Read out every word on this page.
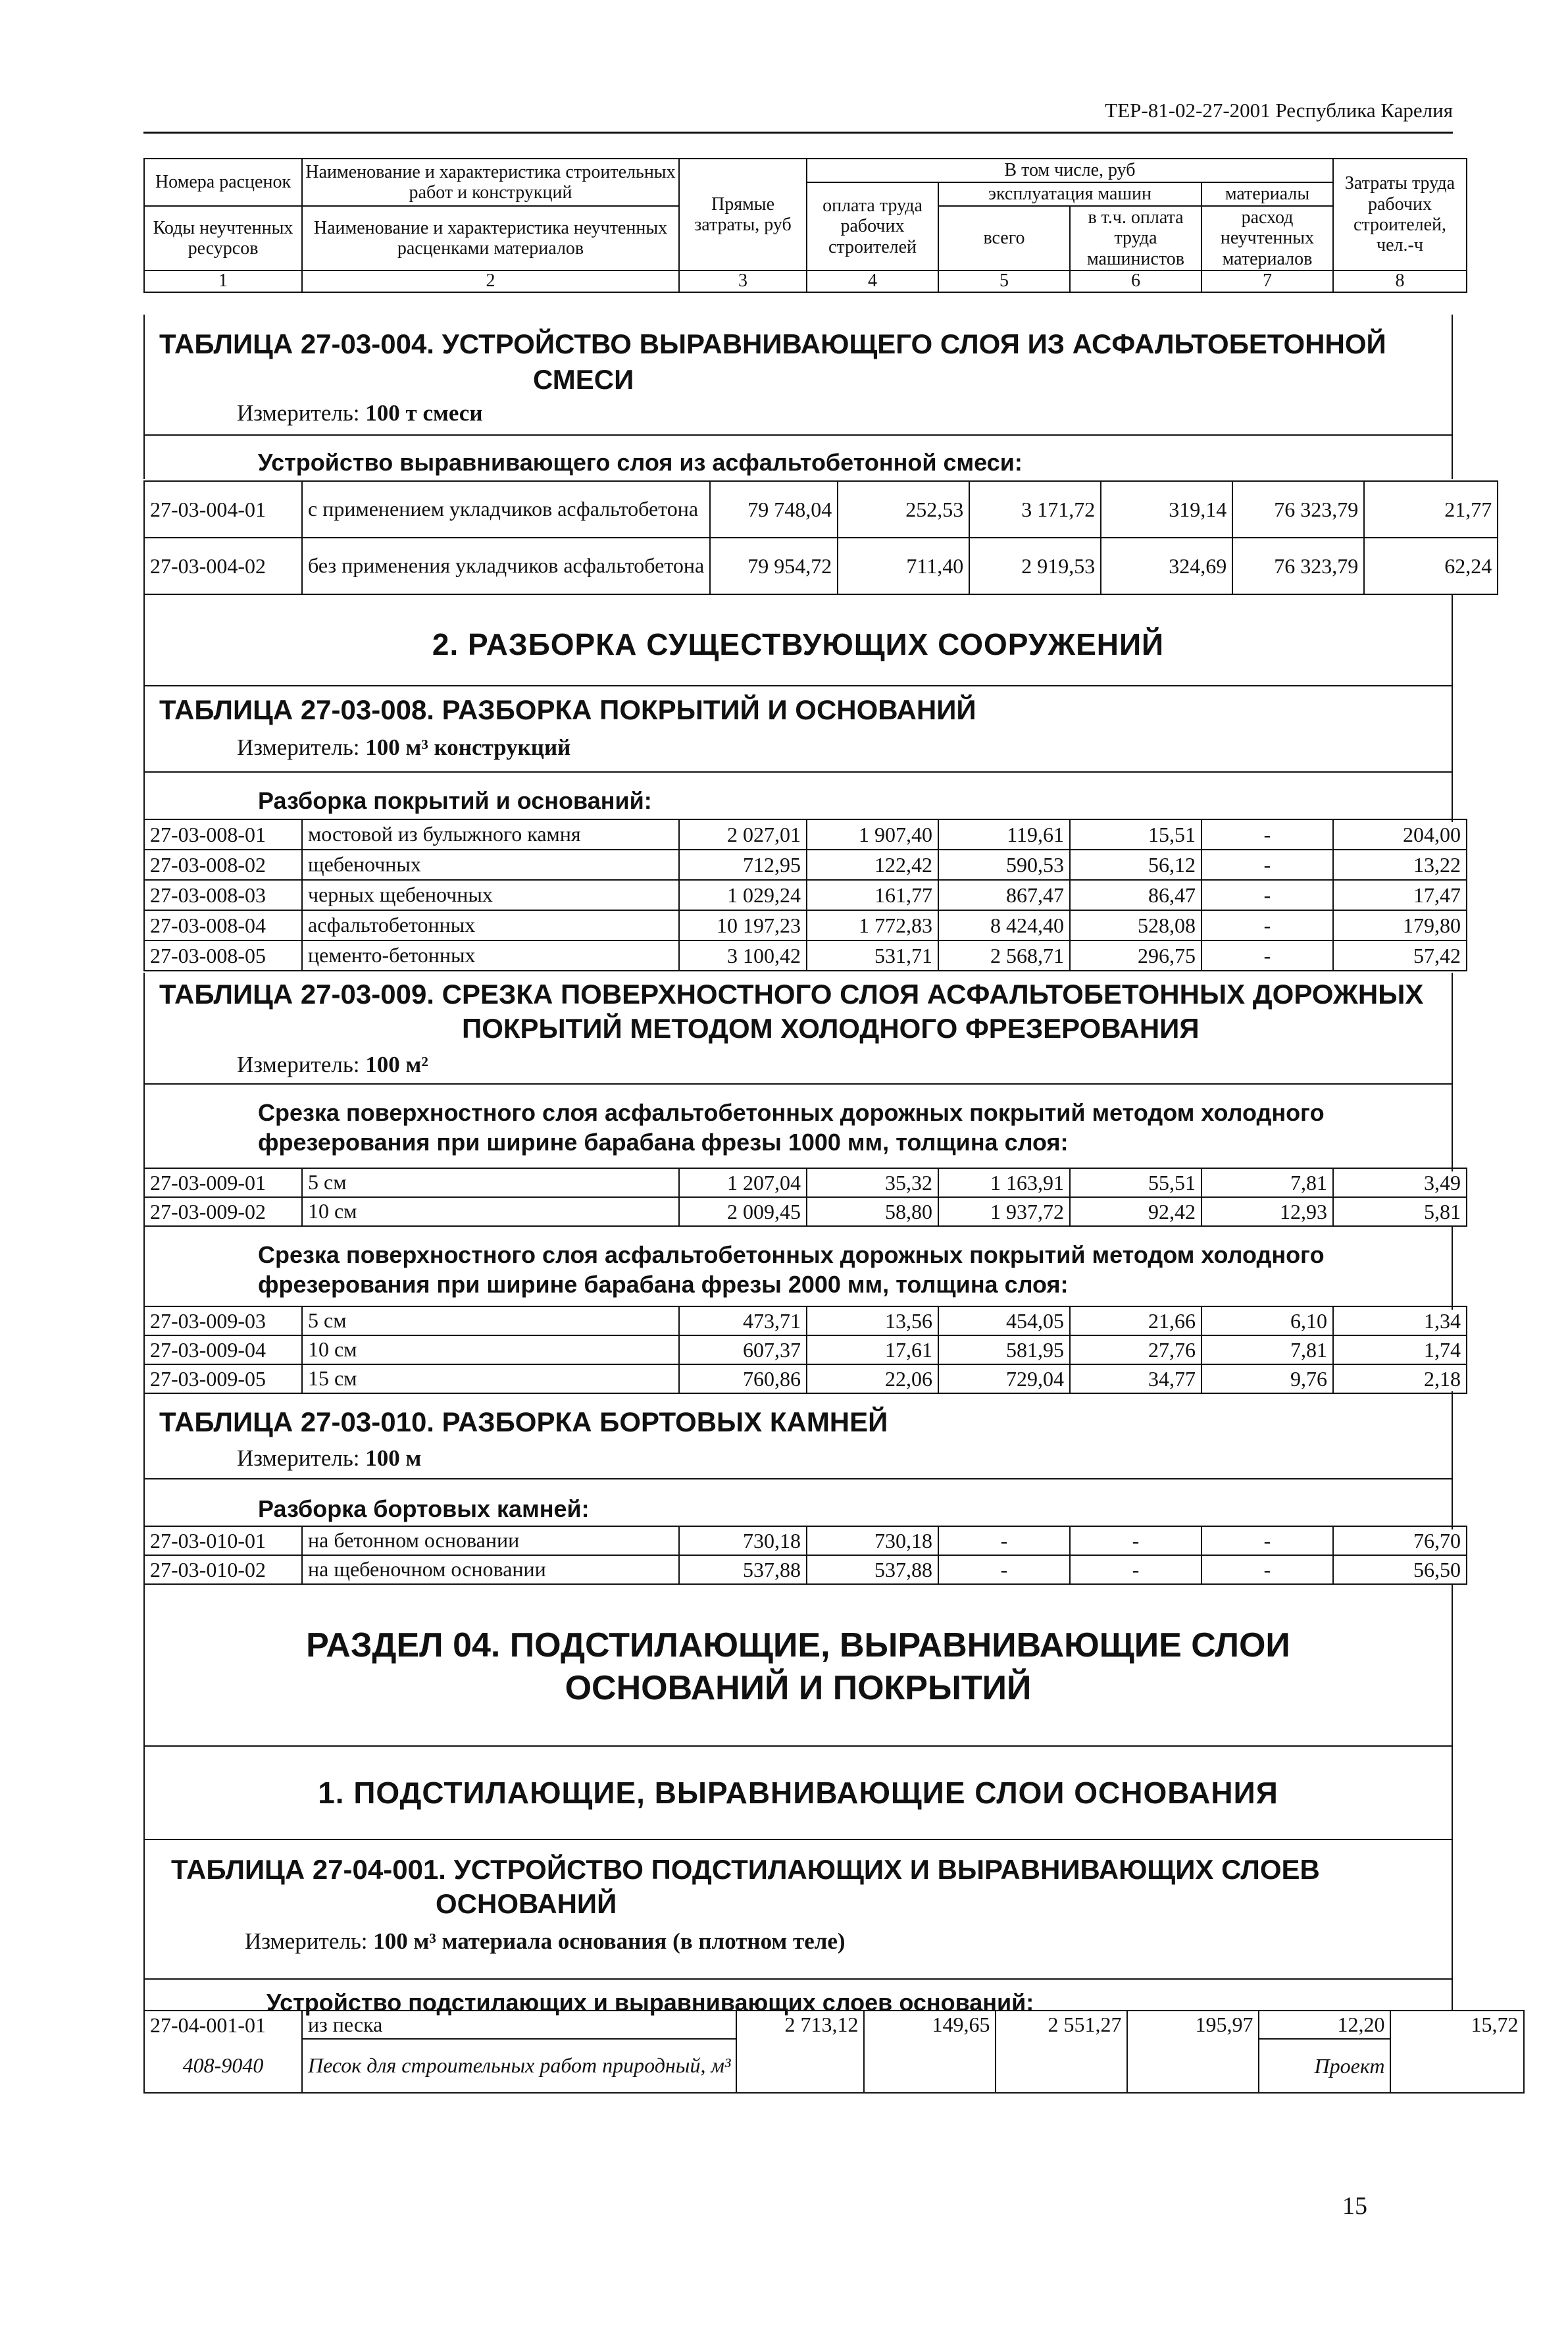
ТЕР-81-02-27-2001 Республика Карелия
Номера расценок	Наименование и характеристика строительных работ и конструкций	Прямые затраты, руб	В том числе, руб				Затраты труда рабочих строителей, чел.-ч
			оплата труда рабочих строителей	эксплуатация машин		материалы	
Коды неучтенных ресурсов	Наименование и характеристика неучтенных расценками материалов			всего	в т.ч. оплата труда машинистов	расход неучтенных материалов	

1	2	3	4	5	6	7	8
ТАБЛИЦА 27-03-004. УСТРОЙСТВО ВЫРАВНИВАЮЩЕГО СЛОЯ ИЗ АСФАЛЬТОБЕТОННОЙ
СМЕСИ
Измеритель: 100 т смеси
Устройство выравнивающего слоя из асфальтобетонной смеси:
27-03-004-01	с применением укладчиков асфальтобетона	79 748,04	252,53	3 171,72	319,14	76 323,79	21,77
27-03-004-02	без применения укладчиков асфальтобетона	79 954,72	711,40	2 919,53	324,69	76 323,79	62,24
2. РАЗБОРКА СУЩЕСТВУЮЩИХ СООРУЖЕНИЙ
ТАБЛИЦА 27-03-008. РАЗБОРКА ПОКРЫТИЙ И ОСНОВАНИЙ
Измеритель: 100 м³ конструкций
Разборка покрытий и оснований:
27-03-008-01	мостовой из булыжного камня	2 027,01	1 907,40	119,61	15,51	-	204,00
27-03-008-02	щебеночных	712,95	122,42	590,53	56,12	-	13,22
27-03-008-03	черных щебеночных	1 029,24	161,77	867,47	86,47	-	17,47
27-03-008-04	асфальтобетонных	10 197,23	1 772,83	8 424,40	528,08	-	179,80
27-03-008-05	цементо-бетонных	3 100,42	531,71	2 568,71	296,75	-	57,42
ТАБЛИЦА 27-03-009. СРЕЗКА ПОВЕРХНОСТНОГО СЛОЯ АСФАЛЬТОБЕТОННЫХ ДОРОЖНЫХ
ПОКРЫТИЙ МЕТОДОМ ХОЛОДНОГО ФРЕЗЕРОВАНИЯ
Измеритель: 100 м²
Срезка поверхностного слоя асфальтобетонных дорожных покрытий методом холодного
фрезерования при ширине барабана фрезы 1000 мм, толщина слоя:
27-03-009-01	5 см	1 207,04	35,32	1 163,91	55,51	7,81	3,49
27-03-009-02	10 см	2 009,45	58,80	1 937,72	92,42	12,93	5,81
Срезка поверхностного слоя асфальтобетонных дорожных покрытий методом холодного
фрезерования при ширине барабана фрезы 2000 мм, толщина слоя:
27-03-009-03	5 см	473,71	13,56	454,05	21,66	6,10	1,34
27-03-009-04	10 см	607,37	17,61	581,95	27,76	7,81	1,74
27-03-009-05	15 см	760,86	22,06	729,04	34,77	9,76	2,18
ТАБЛИЦА 27-03-010. РАЗБОРКА БОРТОВЫХ КАМНЕЙ
Измеритель: 100 м
Разборка бортовых камней:
27-03-010-01	на бетонном основании	730,18	730,18	-	-	-	76,70
27-03-010-02	на щебеночном основании	537,88	537,88	-	-	-	56,50
РАЗДЕЛ 04. ПОДСТИЛАЮЩИЕ, ВЫРАВНИВАЮЩИЕ СЛОИ
ОСНОВАНИЙ И ПОКРЫТИЙ
1. ПОДСТИЛАЮЩИЕ, ВЫРАВНИВАЮЩИЕ СЛОИ ОСНОВАНИЯ
ТАБЛИЦА 27-04-001. УСТРОЙСТВО ПОДСТИЛАЮЩИХ И ВЫРАВНИВАЮЩИХ СЛОЕВ
ОСНОВАНИЙ
Измеритель: 100 м³ материала основания (в плотном теле)
Устройство подстилающих и выравнивающих слоев оснований:
27-04-001-01	из песка	2 713,12	149,65	2 551,27	195,97	12,20	15,72
408-9040	Песок для строительных работ природный, м³					Проект	
15
